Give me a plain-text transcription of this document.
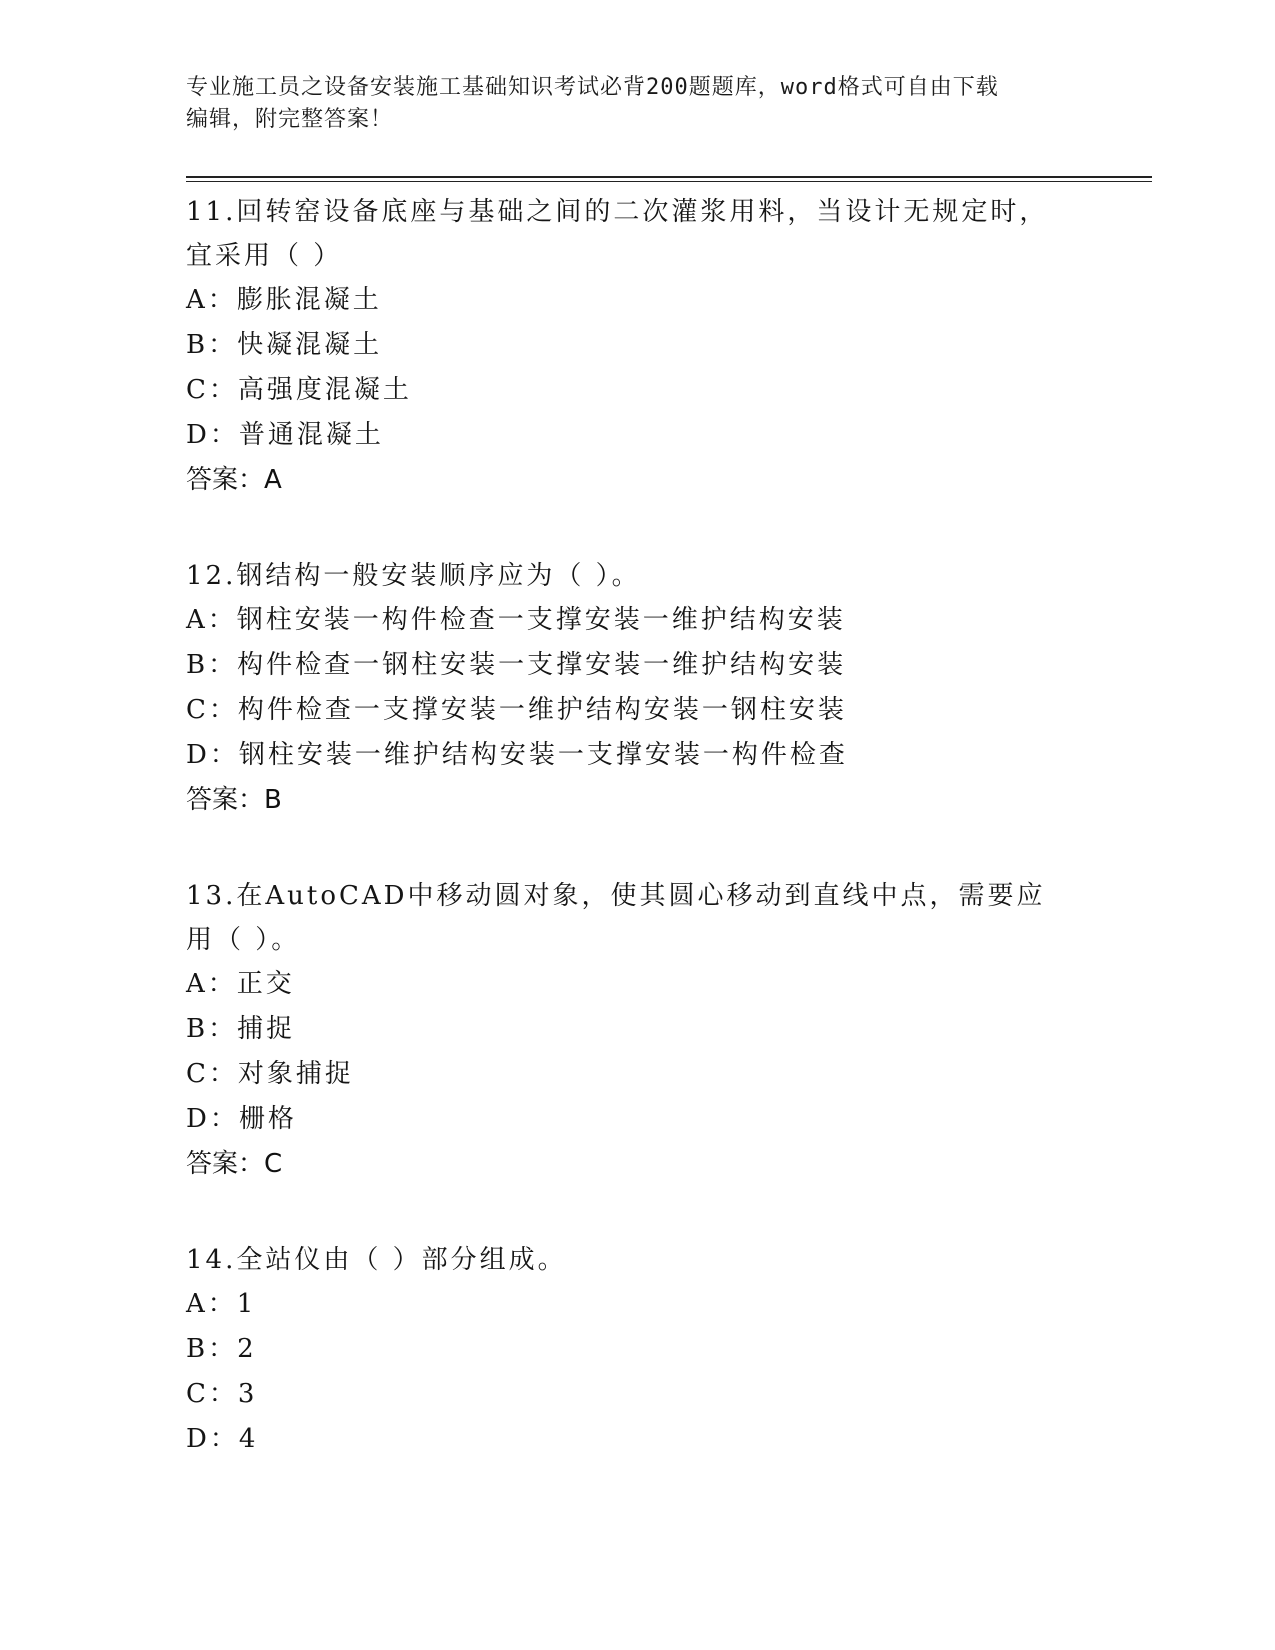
专业施工员之设备安装施工基础知识考试必背200题题库，word格式可自由下载
编辑，附完整答案！
11.回转窑设备底座与基础之间的二次灌浆用料，当设计无规定时，宜采用（ ）
A：膨胀混凝土
B：快凝混凝土
C：高强度混凝土
D：普通混凝土
答案：A
12.钢结构一般安装顺序应为（ ）。
A：钢柱安装一构件检查一支撑安装一维护结构安装
B：构件检查一钢柱安装一支撑安装一维护结构安装
C：构件检查一支撑安装一维护结构安装一钢柱安装
D：钢柱安装一维护结构安装一支撑安装一构件检查
答案：B
13.在AutoCAD中移动圆对象，使其圆心移动到直线中点，需要应用（ ）。
A：正交
B：捕捉
C：对象捕捉
D：栅格
答案：C
14.全站仪由（ ）部分组成。
A：1
B：2
C：3
D：4
